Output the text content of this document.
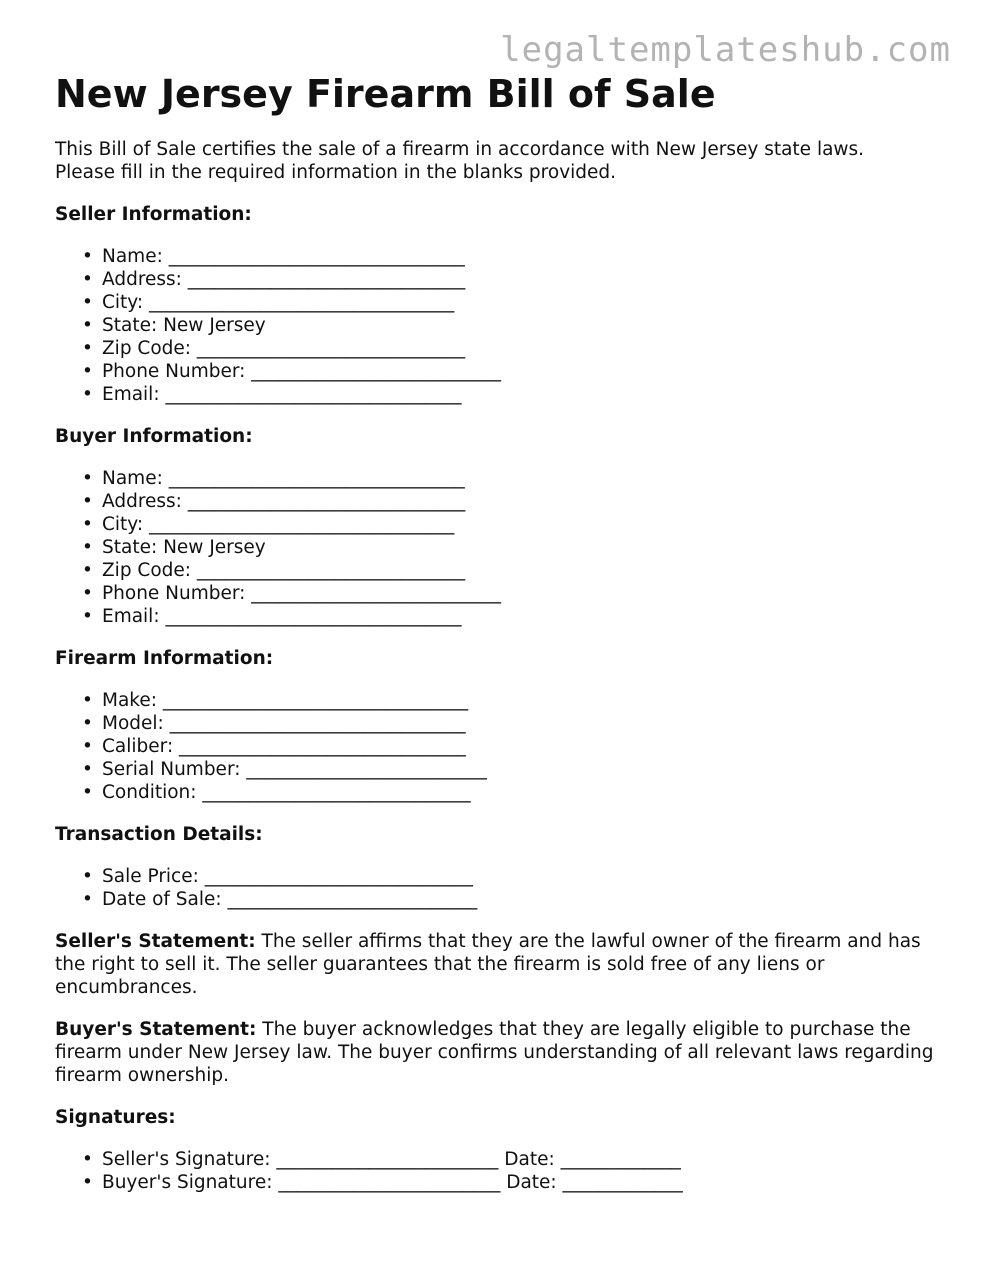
legaltemplateshub.com
New Jersey Firearm Bill of Sale

This Bill of Sale certifies the sale of a firearm in accordance with New Jersey state laws.
Please fill in the required information in the blanks provided.

Seller Information:
• Name: ________________________________
• Address: ______________________________
• City: _________________________________
• State: New Jersey
• Zip Code: _____________________________
• Phone Number: ___________________________
• Email: ________________________________
Buyer Information:
• Name: ________________________________
• Address: ______________________________
• City: _________________________________
• State: New Jersey
• Zip Code: _____________________________
• Phone Number: ___________________________
• Email: ________________________________
Firearm Information:
• Make: _________________________________
• Model: ________________________________
• Caliber: _______________________________
• Serial Number: __________________________
• Condition: _____________________________
Transaction Details:
• Sale Price: _____________________________
• Date of Sale: ___________________________

Seller's Statement: The seller affirms that they are the lawful owner of the firearm and has the right to sell it. The seller guarantees that the firearm is sold free of any liens or encumbrances.

Buyer's Statement: The buyer acknowledges that they are legally eligible to purchase the firearm under New Jersey law. The buyer confirms understanding of all relevant laws regarding firearm ownership.

Signatures:
• Seller's Signature: ________________________ Date: _____________
• Buyer's Signature: ________________________ Date: _____________
